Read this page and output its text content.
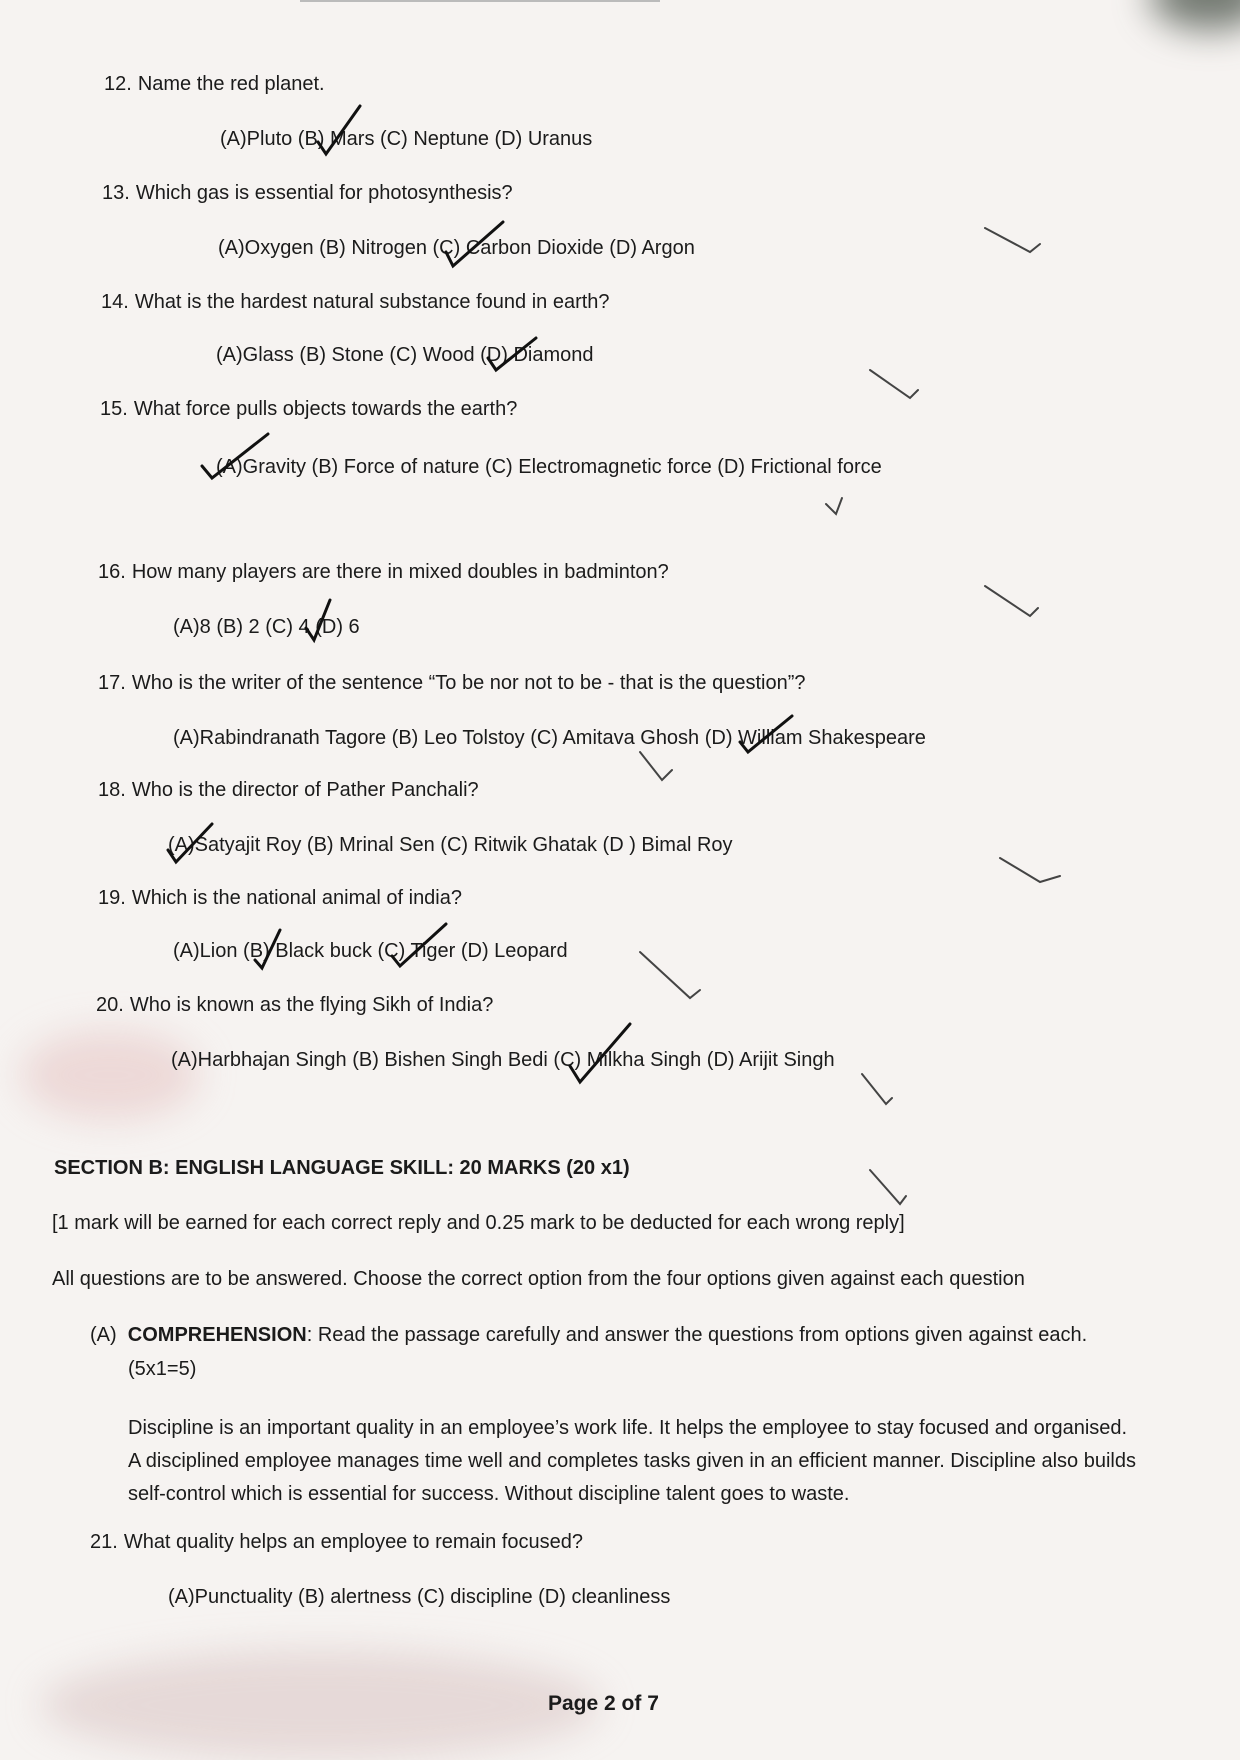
12. Name the red planet.
(A)Pluto (B) Mars (C) Neptune (D) Uranus
13. Which gas is essential for photosynthesis?
(A)Oxygen (B) Nitrogen (C) Carbon Dioxide (D) Argon
14. What is the hardest natural substance found in earth?
(A)Glass (B) Stone (C) Wood (D) Diamond
15. What force pulls objects towards the earth?
(A)Gravity (B) Force of nature (C) Electromagnetic force (D) Frictional force
16. How many players are there in mixed doubles in badminton?
(A)8 (B) 2 (C) 4 (D) 6
17. Who is the writer of the sentence “To be nor not to be - that is the question”?
(A)Rabindranath Tagore (B) Leo Tolstoy (C) Amitava Ghosh (D) William Shakespeare
18. Who is the director of Pather Panchali?
(A)Satyajit Roy (B) Mrinal Sen (C) Ritwik Ghatak (D ) Bimal Roy
19. Which is the national animal of india?
(A)Lion (B) Black buck (C) Tiger (D) Leopard
20. Who is known as the flying Sikh of India?
(A)Harbhajan Singh (B) Bishen Singh Bedi (C) Milkha Singh (D) Arijit Singh
SECTION B: ENGLISH LANGUAGE SKILL: 20 MARKS (20 x1)
[1 mark will be earned for each correct reply and 0.25 mark to be deducted for each wrong reply]
All questions are to be answered. Choose the correct option from the four options given against each question
(A) COMPREHENSION: Read the passage carefully and answer the questions from options given against each.
(5x1=5)
Discipline is an important quality in an employee’s work life. It helps the employee to stay focused and organised. A disciplined employee manages time well and completes tasks given in an efficient manner. Discipline also builds self-control which is essential for success. Without discipline talent goes to waste.
21. What quality helps an employee to remain focused?
(A)Punctuality (B) alertness (C) discipline (D) cleanliness
Page 2 of 7
